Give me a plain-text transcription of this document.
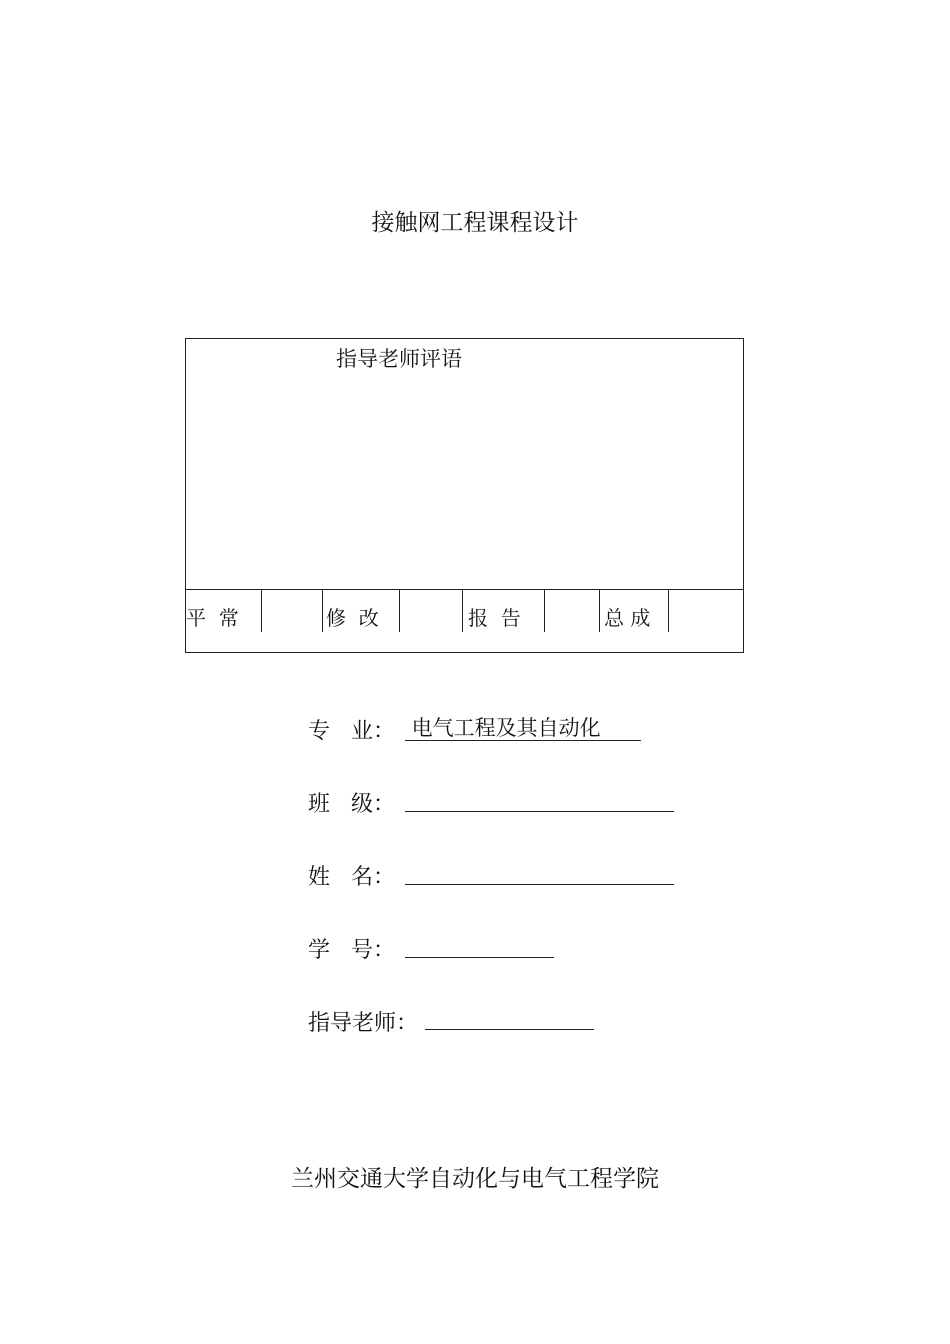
接触网工程课程设计
指导老师评语
平  常	修  改	报  告	总 成
专   业： 电气工程及其自动化
班   级：
姓   名：
学   号：
指导老师：
兰州交通大学自动化与电气工程学院
